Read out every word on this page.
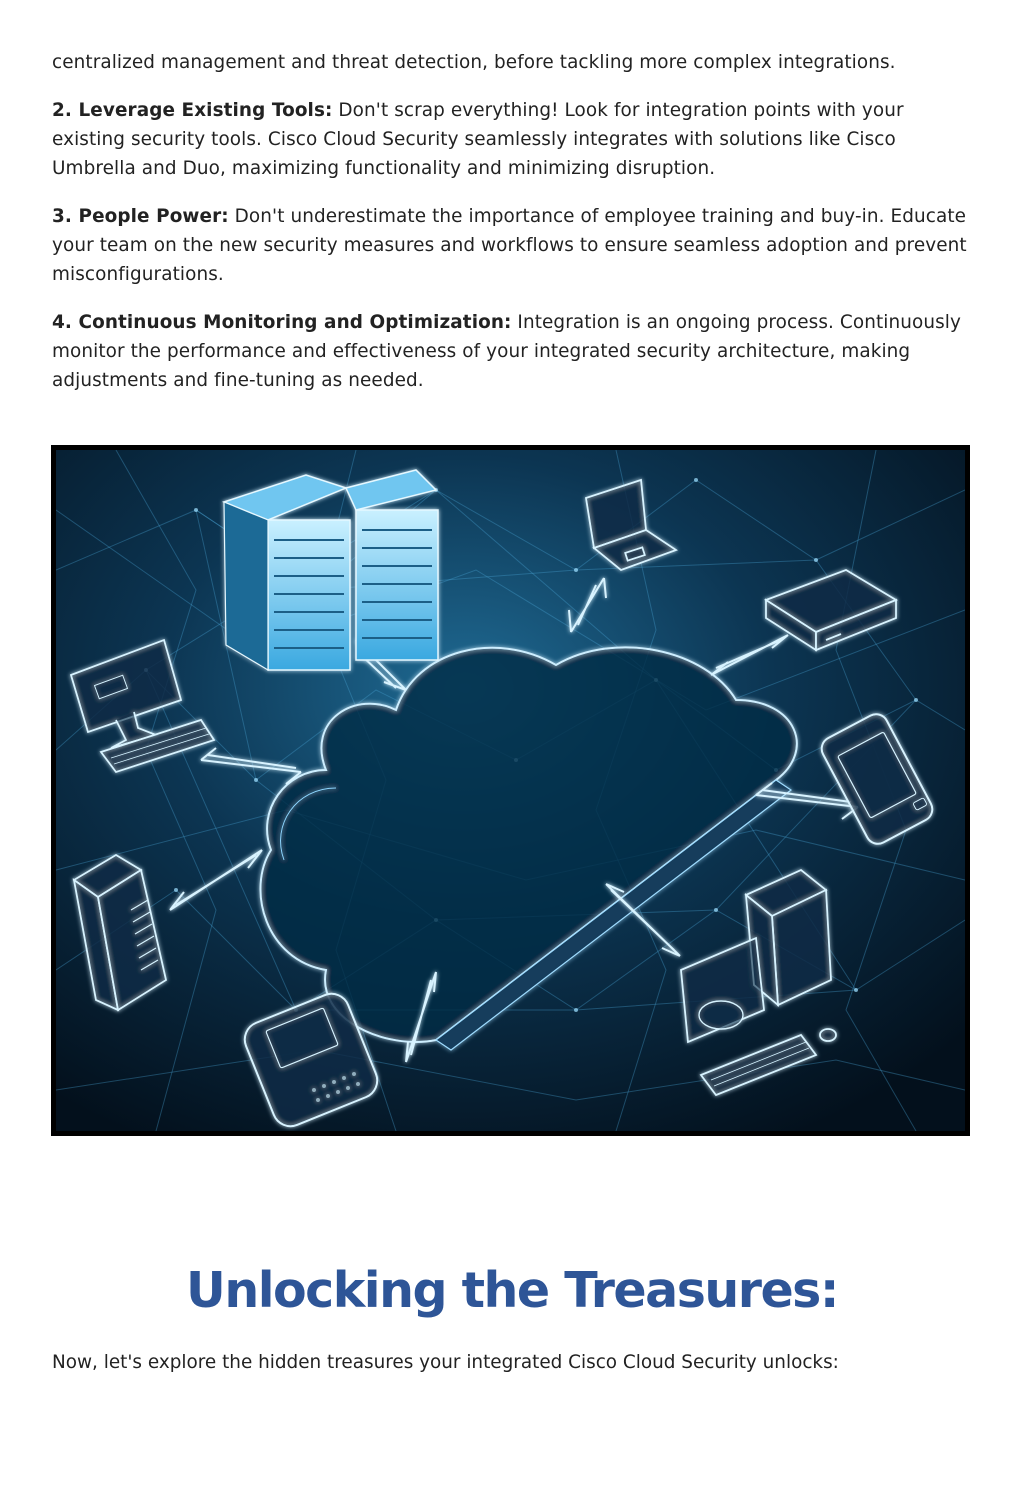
centralized management and threat detection, before tackling more complex integrations.

2. Leverage Existing Tools: Don't scrap everything! Look for integration points with your existing security tools. Cisco Cloud Security seamlessly integrates with solutions like Cisco Umbrella and Duo, maximizing functionality and minimizing disruption.

3. People Power: Don't underestimate the importance of employee training and buy-in. Educate your team on the new security measures and workflows to ensure seamless adoption and prevent misconfigurations.

4. Continuous Monitoring and Optimization: Integration is an ongoing process. Continuously monitor the performance and effectiveness of your integrated security architecture, making adjustments and fine-tuning as needed.

Unlocking the Treasures:

Now, let's explore the hidden treasures your integrated Cisco Cloud Security unlocks:
